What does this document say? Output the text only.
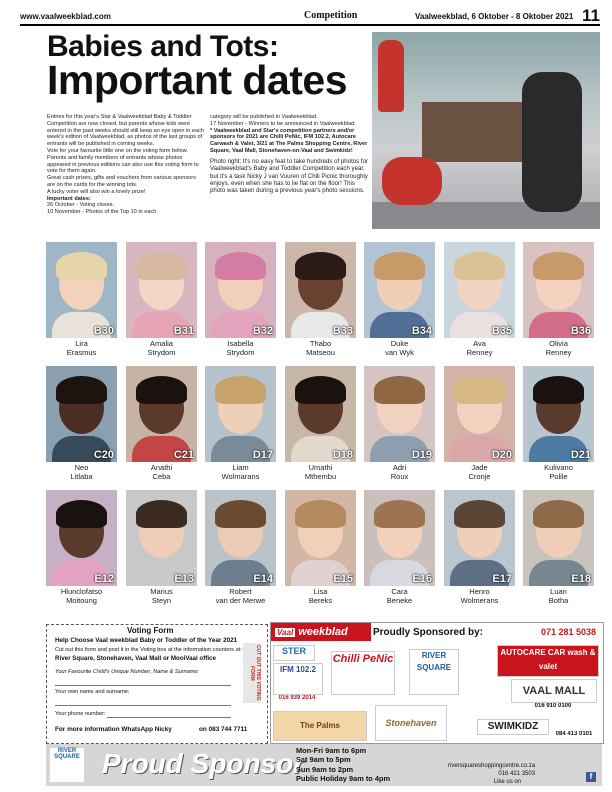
www.vaalweekblad.com	Competition	Vaalweekblad, 6 Oktober - 8 Oktober 2021 11
Babies and Tots:
Important dates

Entries for this year's Star & Vaalweekblad Baby & Toddler Competition are now closed, but parents whose kids were entered in the past weeks should still keep an eye open in each week's edition of Vaalweekblad, as photos of the last groups of entrants will be published in coming weeks.

Vote for your favourite little one on the voting form below. Parents and family members of entrants whose photos appeared in previous editions can also use this voting form to vote for them again.

Great cash prizes, gifts and vouchers from various sponsors are on the cards for the winning tots.

A lucky voter will also win a lovely prize!

Important dates:

26 October - Voting closes.

10 November - Photos of the Top 10 in each

category will be published in Vaalweekblad.

17 November - Winners to be announced in Vaalweekblad.

* Vaalweekblad and Star's competition partners and/or sponsors for 2021 are Chilli PeNic, IFM 102.2, Autocare Carwash & Valet, 3/21 at The Palms Shopping Centre, River Square, Vaal Mall, Stonehaven-on-Vaal and Swimkidz!

Photo right: It's no easy feat to take hundreds of photos for Vaalweekblad's Baby and Toddler Competition each year, but it's a task Nicky J van Vuuren of Chili Picnic thoroughly enjoys, even when she has to lie flat on the floor! This photo was taken during a previous year's photo sessions.

B30
Lira
Erasmus
B31
Amalia
Strydom
B32
Isabella
Strydom
B33
Thabo
Matseou
B34
Duke
van Wyk
B35
Ava
Renney
B36
Olivia
Renney
C20
Neo
Litlaba
C21
Anathi
Ceba
D17
Liam
Wolmarans
D18
Umathi
Mthembu
D19
Adri
Roux
D20
Jade
Cronje
D21
Kulivano
Polile
E12
Hlunclofatso
Moitoung
E13
Marius
Steyn
E14
Robert
van der Merwe
E15
Lisa
Bereks
E16
Cara
Beneke
E17
Henro
Wolmerans
E18
Luan
Botha
Voting Form
Help Choose Vaal weekblad Baby or Toddler of the Year 2021
Cut out this form and post it in the Voting box at the information counters at:
River Square, Stonehaven, Vaal Mall or MooiVaal office
Your Favourite Child's Unique Number, Name & Surname:
Your own name and surname:
Your phone number:
For more information WhatsApp Nicky	on 083 744 7711
CUT OUT THIS VOTING FORM
Vaal weekblad	Proudly Sponsored by:	071 281 5038
STER
IFM 102.2
016 939 2014
Chilli PeNic	RIVER SQUARE
AUTOCARE CAR wash & valet
VAAL MALL
016 910 0100
The Palms	Stonehaven	SWIMKIDZ
084 413 0101
RIVER SQUARE Proud Sponsor
Mon-Fri 9am to 6pm
Sat 9am to 5pm
Sun 9am to 2pm
Public Holiday 9am to 4pm
riversquareshoppingcentre.co.za
016 421 3503
Like us on
f
